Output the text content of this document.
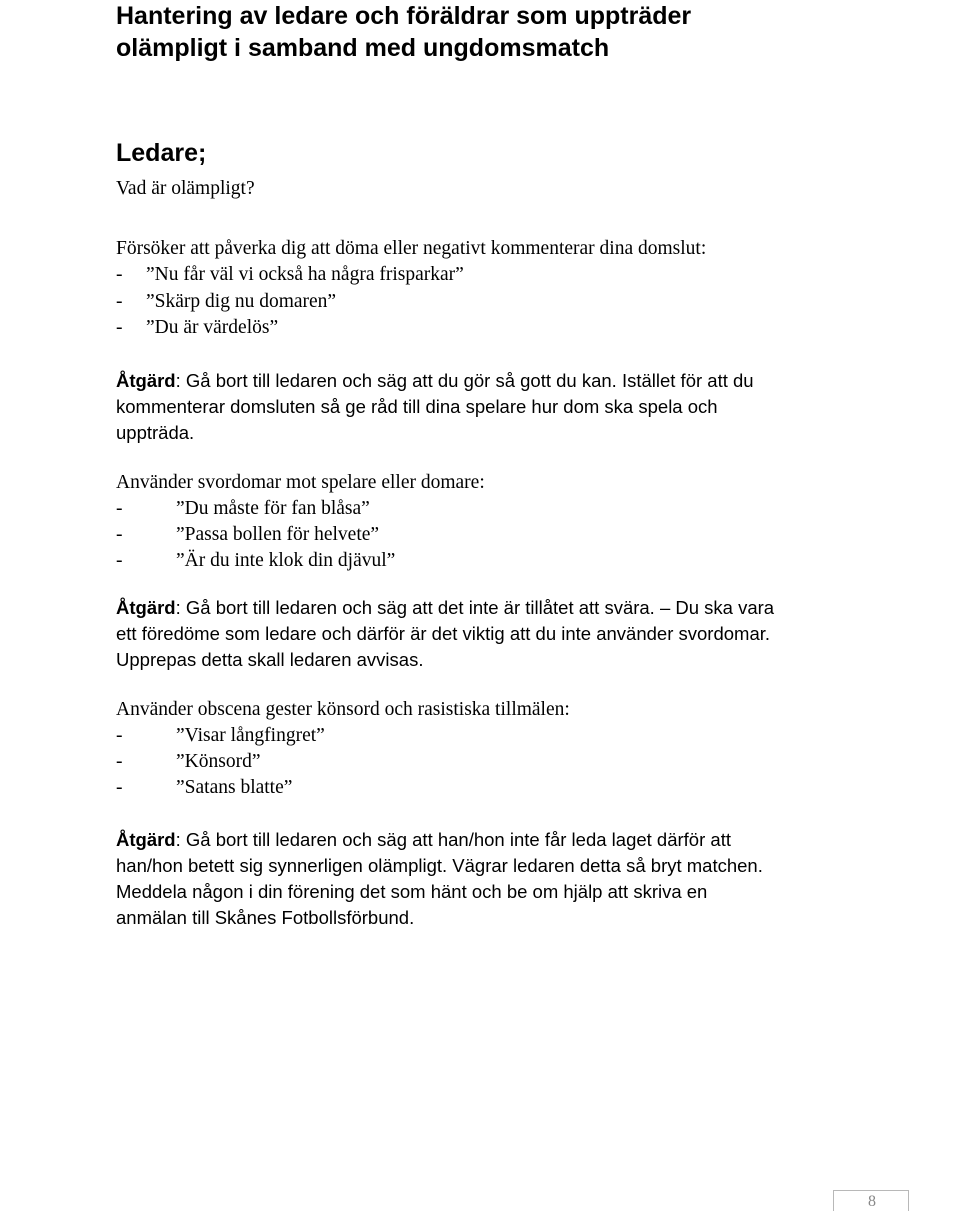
Hantering av ledare och föräldrar som uppträder
olämpligt i samband med ungdomsmatch
Ledare;
Vad är olämpligt?
Försöker att påverka dig att döma eller negativt kommenterar dina domslut:
- ”Nu får väl vi också ha några frisparkar”
- ”Skärp dig nu domaren”
- ”Du är värdelös”
Åtgärd: Gå bort till ledaren och säg att du gör så gott du kan. Istället för att du
kommenterar domsluten så ge råd till dina spelare hur dom ska spela och
uppträda.
Använder svordomar mot spelare eller domare:
-	”Du måste för fan blåsa”
-	”Passa bollen för helvete”
-	”Är du inte klok din djävul”
Åtgärd: Gå bort till ledaren och säg att det inte är tillåtet att svära. – Du ska vara
ett föredöme som ledare och därför är det viktig att du inte använder svordomar.
Upprepas detta skall ledaren avvisas.
Använder obscena gester könsord och rasistiska tillmälen:
-	”Visar långfingret”
-	”Könsord”
-	”Satans blatte”
Åtgärd: Gå bort till ledaren och säg att han/hon inte får leda laget därför att
han/hon betett sig synnerligen olämpligt. Vägrar ledaren detta så bryt matchen.
Meddela någon i din förening det som hänt och be om hjälp att skriva en
anmälan till Skånes Fotbollsförbund.
8
